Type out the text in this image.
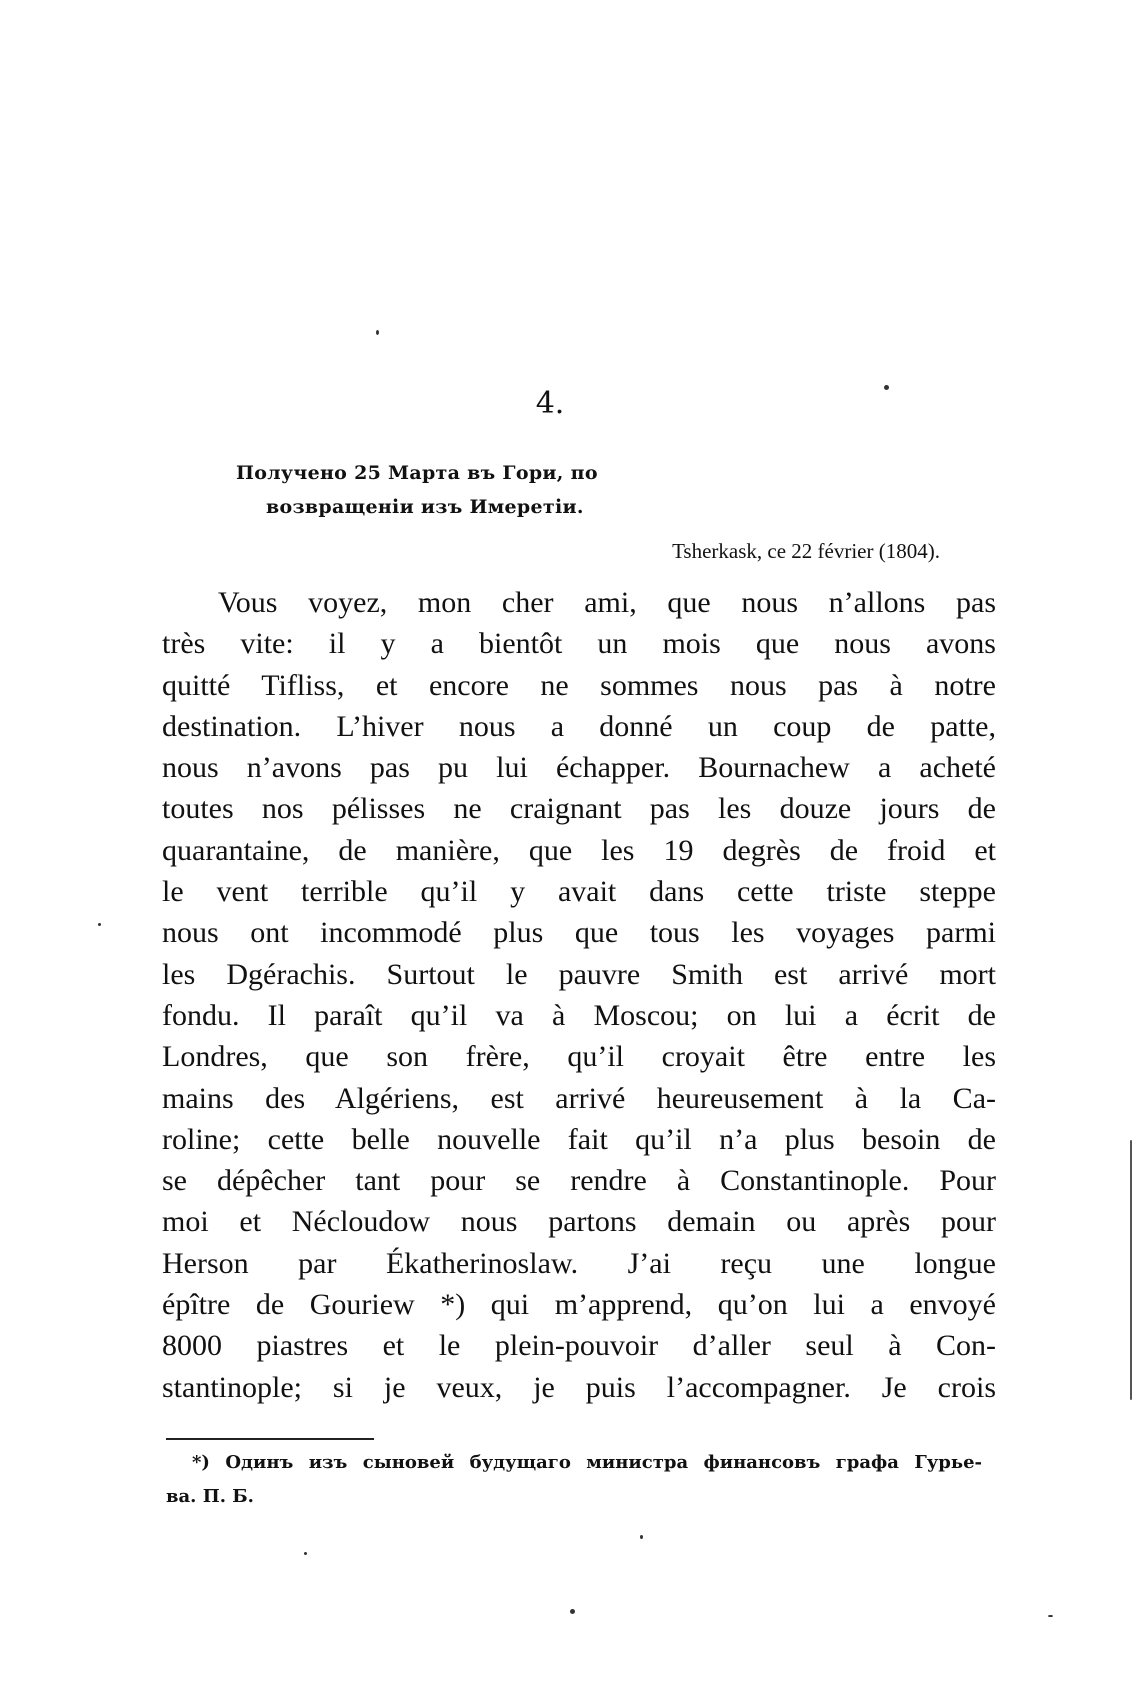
4.
Получено 25 Марта въ Гори, по
возвращеніи изъ Имеретіи.
Tsherkask, ce 22 février (1804).
Vous voyez, mon cher ami, que nous n’allons pas
très vite: il y a bientôt un mois que nous avons
quitté Tifliss, et encore ne sommes nous pas à notre
destination. L’hiver nous a donné un coup de patte,
nous n’avons pas pu lui échapper. Bournachew a acheté
toutes nos pélisses ne craignant pas les douze jours de
quarantaine, de manière, que les 19 degrès de froid et
le vent terrible qu’il y avait dans cette triste steppe
nous ont incommodé plus que tous les voyages parmi
les Dgérachis. Surtout le pauvre Smith est arrivé mort
fondu. Il paraît qu’il va à Moscou; on lui a écrit de
Londres, que son frère, qu’il croyait être entre les
mains des Algériens, est arrivé heureusement à la Ca-
roline; cette belle nouvelle fait qu’il n’a plus besoin de
se dépêcher tant pour se rendre à Constantinople. Pour
moi et Nécloudow nous partons demain ou après pour
Herson par Ékatherinoslaw. J’ai reçu une longue
épître de Gouriew *) qui m’apprend, qu’on lui a envoyé
8000 piastres et le plein-pouvoir d’aller seul à Con-
stantinople; si je veux, je puis l’accompagner. Je crois
*) Одинъ изъ сыновей будущаго министра финансовъ графа Гурье-
ва. П. Б.
